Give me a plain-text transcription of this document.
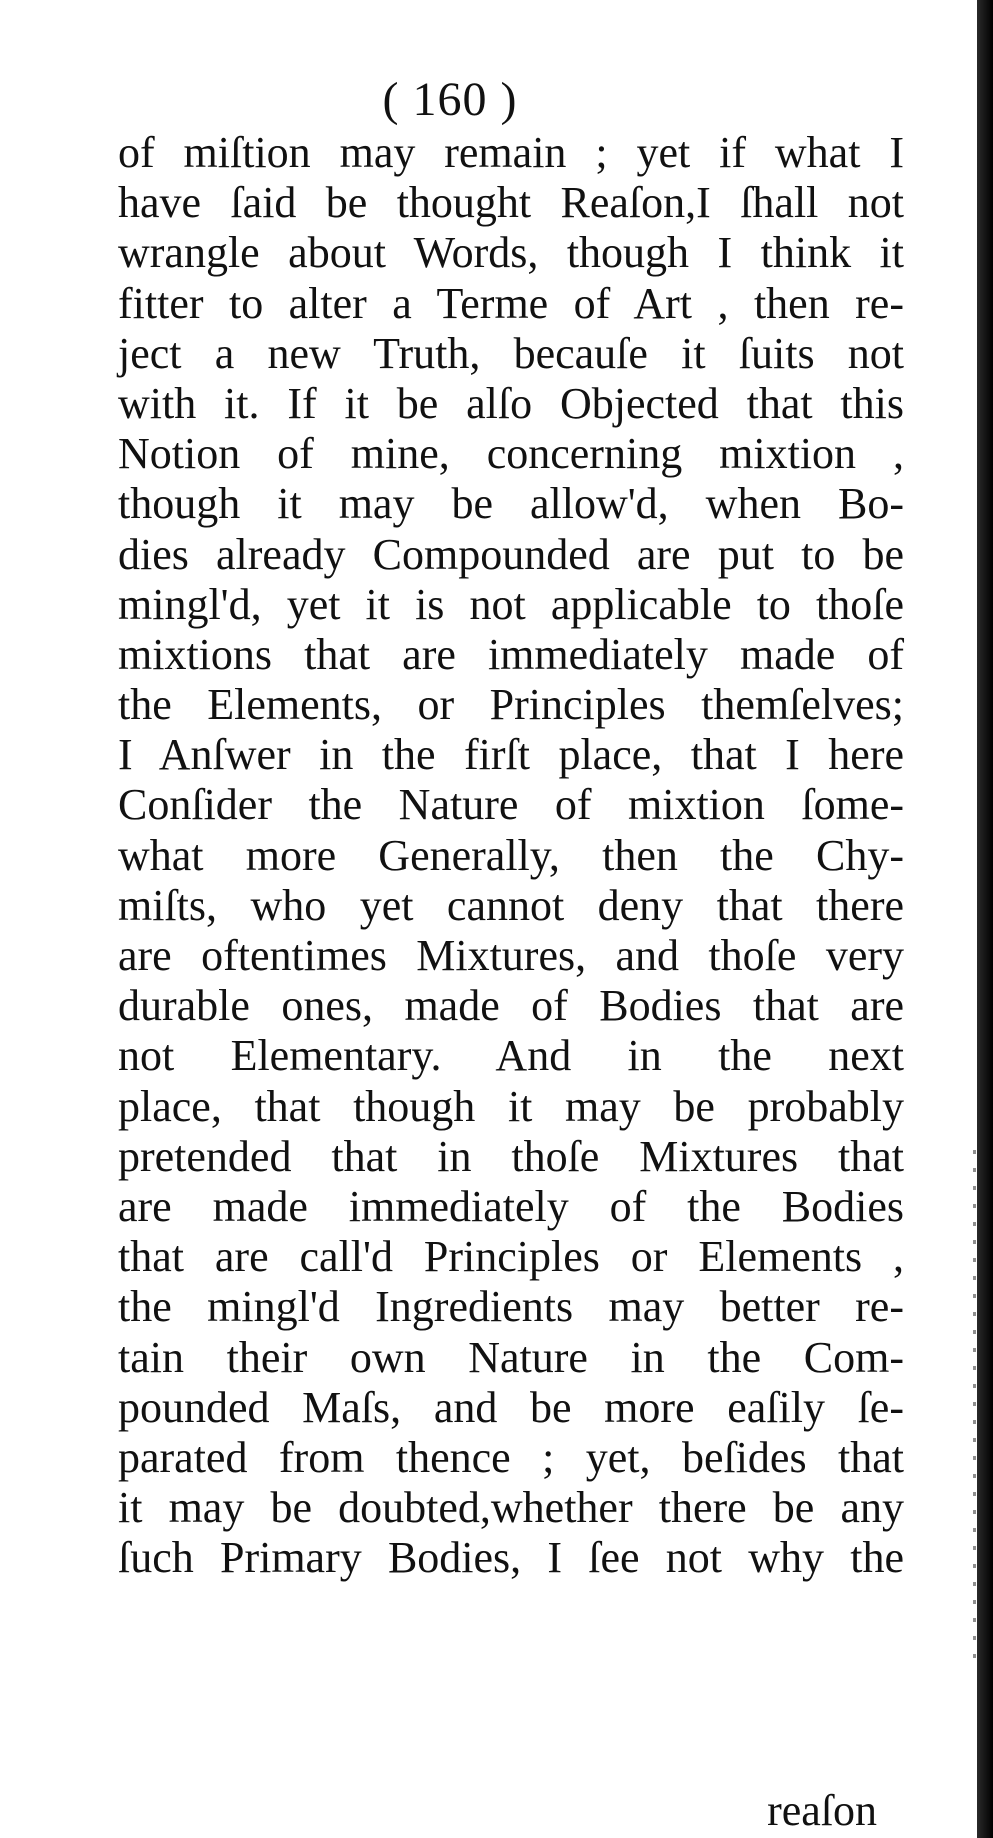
( 160 )
of miſtion may remain ; yet if what I
have ſaid be thought Reaſon,I ſhall not
wrangle about Words, though I think it
fitter to alter a Terme of Art , then re-
ject a new Truth, becauſe it ſuits not
with it. If it be alſo Objected that this
Notion of mine, concerning mixtion ,
though it may be allow'd, when Bo-
dies already Compounded are put to be
mingl'd, yet it is not applicable to thoſe
mixtions that are immediately made of
the Elements, or Principles themſelves;
I Anſwer in the firſt place, that I here
Conſider the Nature of mixtion ſome-
what more Generally, then the Chy-
miſts, who yet cannot deny that there
are oftentimes Mixtures, and thoſe very
durable ones, made of Bodies that are
not Elementary. And in the next
place, that though it may be probably
pretended that in thoſe Mixtures that
are made immediately of the Bodies
that are call'd Principles or Elements ,
the mingl'd Ingredients may better re-
tain their own Nature in the Com-
pounded Maſs, and be more eaſily ſe-
parated from thence ; yet, beſides that
it may be doubted,whether there be any
ſuch Primary Bodies, I ſee not why the
reaſon
